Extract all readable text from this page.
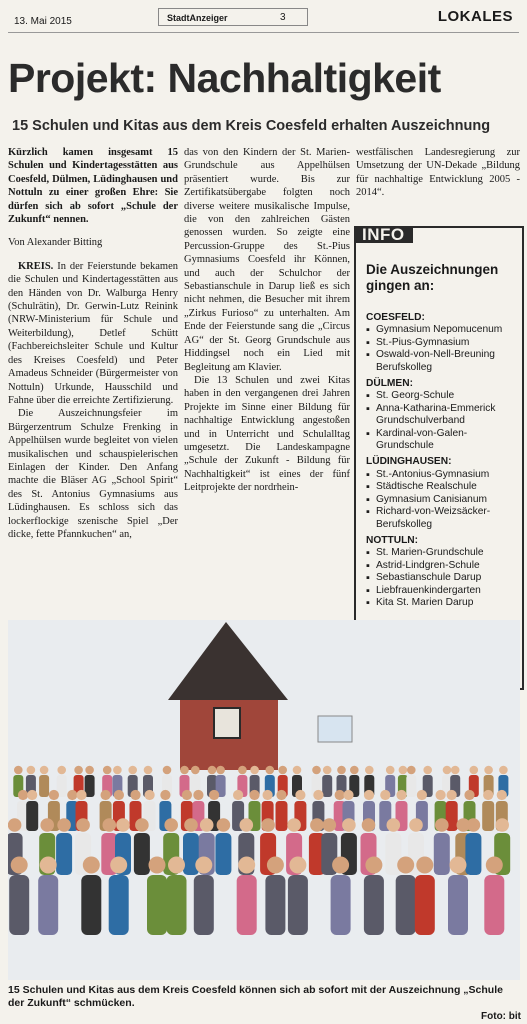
13. Mai 2015	StadtAnzeiger	3	LOKALES
Projekt: Nachhaltigkeit
15 Schulen und Kitas aus dem Kreis Coesfeld erhalten Auszeichnung

Kürzlich kamen insgesamt 15 Schulen und Kindertagesstätten aus Coesfeld, Dülmen, Lüdinghausen und Nottuln zu einer großen Ehre: Sie dürfen sich ab sofort „Schule der Zukunft“ nennen.

Von Alexander Bitting

KREIS. In der Feierstunde bekamen die Schulen und Kindertagesstätten aus den Händen von Dr. Walburga Henry (Schulrätin), Dr. Gerwin-Lutz Reinink (NRW-Ministerium für Schule und Weiterbildung), Detlef Schütt (Fachbereichsleiter Schule und Kultur des Kreises Coesfeld) und Peter Amadeus Schneider (Bürgermeister von Nottuln) Urkunde, Hausschild und Fahne über die erreichte Zertifizierung.

Die Auszeichnungsfeier im Bürgerzentrum Schulze Frenking in Appelhülsen wurde begleitet von vielen musikalischen und schauspielerischen Einlagen der Kinder. Den Anfang machte die Bläser AG „School Spirit“ des St. Antonius Gymnasiums aus Lüdinghausen. Es schloss sich das lockerflockige szenische Spiel „Der dicke, fette Pfannkuchen“ an,

das von den Kindern der St. Marien-Grundschule aus Appelhülsen präsentiert wurde. Bis zur Zertifikatsübergabe folgten noch diverse weitere musikalische Impulse, die von den zahlreichen Gästen genossen wurden. So zeigte eine Percussion-Gruppe des St.-Pius Gymnasiums Coesfeld ihr Können, und auch der Schulchor der Sebastianschule in Darup ließ es sich nicht nehmen, die Besucher mit ihrem „Zirkus Furioso“ zu unterhalten. Am Ende der Feierstunde sang die „Circus AG“ der St. Georg Grundschule aus Hiddingsel noch ein Lied mit Begleitung am Klavier.

Die 13 Schulen und zwei Kitas haben in den vergangenen drei Jahren Projekte im Sinne einer Bildung für nachhaltige Entwicklung angestoßen und in Unterricht und Schulalltag umgesetzt. Die Landeskampagne „Schule der Zukunft - Bildung für Nachhaltigkeit“ ist eines der fünf Leitprojekte der nordrhein-

westfälischen Landesregierung zur Umsetzung der UN-Dekade „Bildung für nachhaltige Entwicklung 2005 - 2014“.

INFO
Die Auszeichnungen gingen an:
COESFELD:
▪ Gymnasium Nepomucenum
▪ St.-Pius-Gymnasium
▪ Oswald-von-Nell-Breuning Berufskolleg
DÜLMEN:
▪ St. Georg-Schule
▪ Anna-Katharina-Emmerick Grundschulverband
▪ Kardinal-von-Galen-Grundschule
LÜDINGHAUSEN:
▪ St.-Antonius-Gymnasium
▪ Städtische Realschule
▪ Gymnasium Canisianum
▪ Richard-von-Weizsäcker-Berufskolleg
NOTTULN:
▪ St. Marien-Grundschule
▪ Astrid-Lindgren-Schule
▪ Sebastianschule Darup
▪ Liebfrauenkindergarten
▪ Kita St. Marien Darup
15 Schulen und Kitas aus dem Kreis Coesfeld können sich ab sofort mit der Auszeichnung „Schule der Zukunft“ schmücken.
Foto: bit
